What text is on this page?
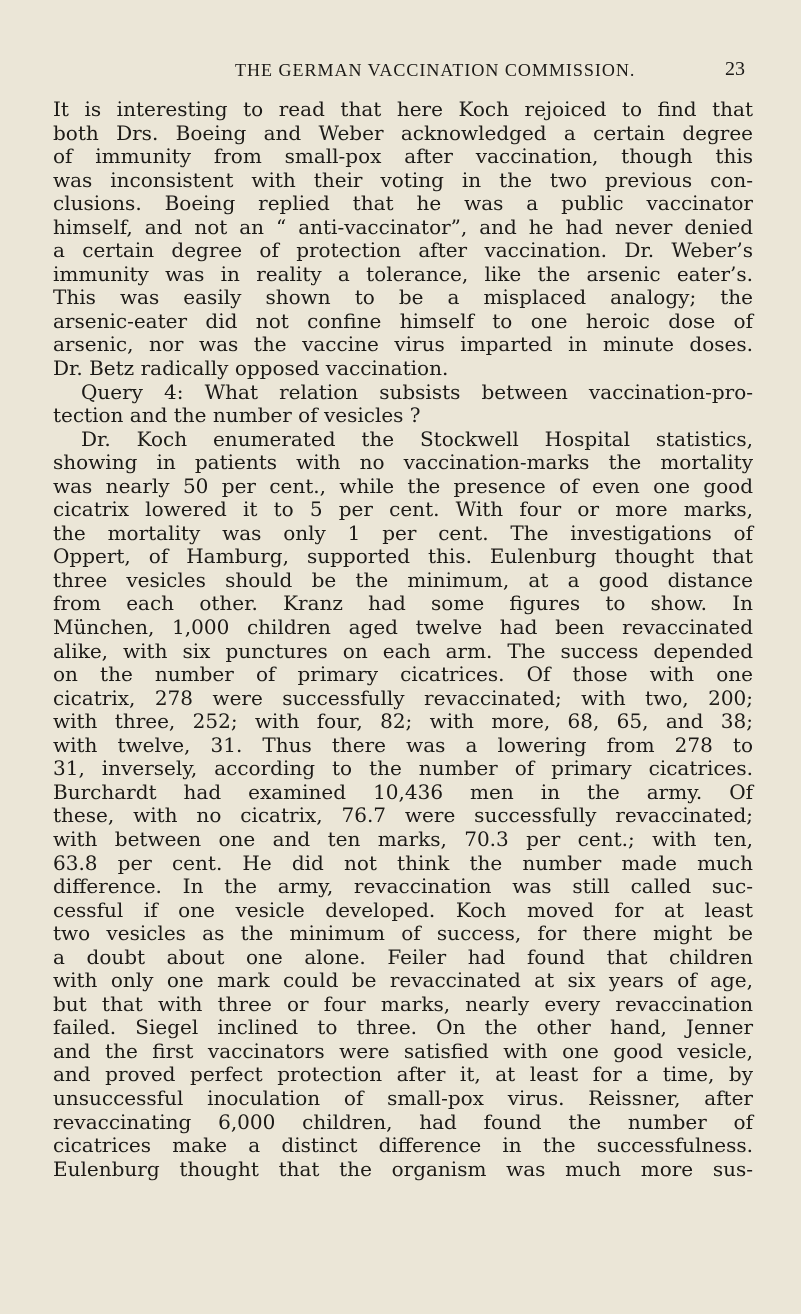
THE GERMAN VACCINATION COMMISSION.	23
It is interesting to read that here Koch rejoiced to find that
both Drs. Boeing and Weber acknowledged a certain degree
of immunity from small-pox after vaccination, though this
was inconsistent with their voting in the two previous con-
clusions. Boeing replied that he was a public vaccinator
himself, and not an “ anti-vaccinator”, and he had never denied
a certain degree of protection after vaccination. Dr. Weber’s
immunity was in reality a tolerance, like the arsenic eater’s.
This was easily shown to be a misplaced analogy; the
arsenic-eater did not confine himself to one heroic dose of
arsenic, nor was the vaccine virus imparted in minute doses.
Dr. Betz radically opposed vaccination.
Query 4: What relation subsists between vaccination-pro-
tection and the number of vesicles ?
Dr. Koch enumerated the Stockwell Hospital statistics,
showing in patients with no vaccination-marks the mortality
was nearly 50 per cent., while the presence of even one good
cicatrix lowered it to 5 per cent. With four or more marks,
the mortality was only 1 per cent. The investigations of
Oppert, of Hamburg, supported this. Eulenburg thought that
three vesicles should be the minimum, at a good distance
from each other. Kranz had some figures to show. In
München, 1,000 children aged twelve had been revaccinated
alike, with six punctures on each arm. The success depended
on the number of primary cicatrices. Of those with one
cicatrix, 278 were successfully revaccinated; with two, 200;
with three, 252; with four, 82; with more, 68, 65, and 38;
with twelve, 31. Thus there was a lowering from 278 to
31, inversely, according to the number of primary cicatrices.
Burchardt had examined 10,436 men in the army. Of
these, with no cicatrix, 76.7 were successfully revaccinated;
with between one and ten marks, 70.3 per cent.; with ten,
63.8 per cent. He did not think the number made much
difference. In the army, revaccination was still called suc-
cessful if one vesicle developed. Koch moved for at least
two vesicles as the minimum of success, for there might be
a doubt about one alone. Feiler had found that children
with only one mark could be revaccinated at six years of age,
but that with three or four marks, nearly every revaccination
failed. Siegel inclined to three. On the other hand, Jenner
and the first vaccinators were satisfied with one good vesicle,
and proved perfect protection after it, at least for a time, by
unsuccessful inoculation of small-pox virus. Reissner, after
revaccinating 6,000 children, had found the number of
cicatrices make a distinct difference in the successfulness.
Eulenburg thought that the organism was much more sus-
